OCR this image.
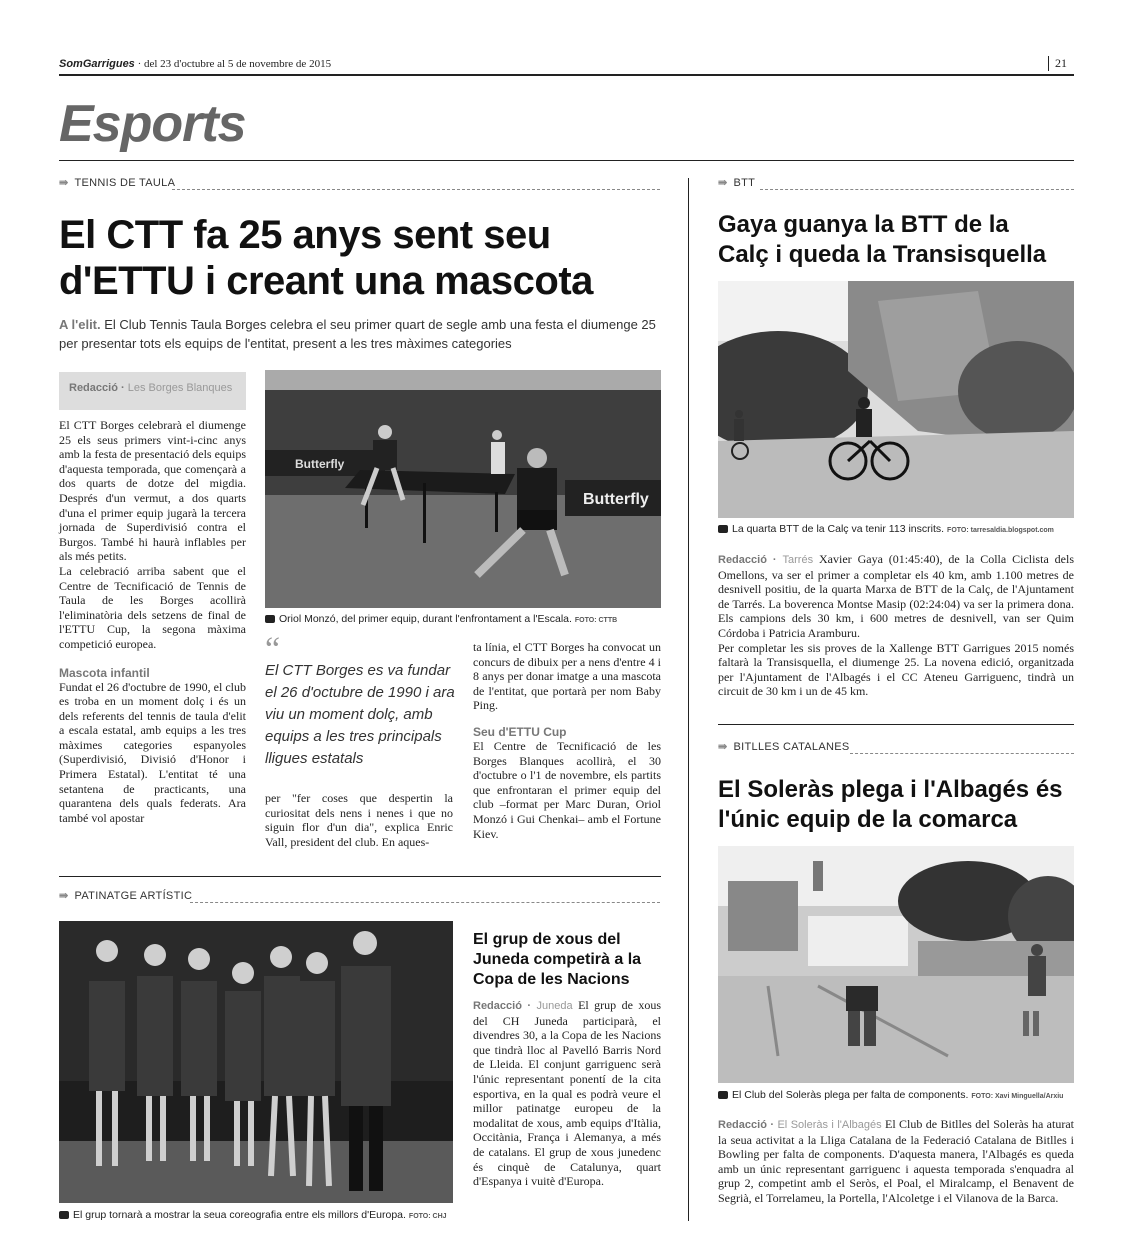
SomGarrigues · del 23 d'octubre al 5 de novembre de 2015	21
Esports
⇛ TENNIS DE TAULA
El CTT fa 25 anys sent seu
d'ETTU i creant una mascota
A l'elit. El Club Tennis Taula Borges celebra el seu primer quart de segle amb una festa el diumenge 25 per presentar tots els equips de l'entitat, present a les tres màximes categories
Redacció · Les Borges Blanques
El CTT Borges celebrarà el diumenge 25 els seus primers vint-i-cinc anys amb la festa de presentació dels equips d'aquesta temporada, que començarà a dos quarts de dotze del migdia. Després d'un vermut, a dos quarts d'una el primer equip jugarà la tercera jornada de Superdivisió contra el Burgos. També hi haurà inflables per als més petits.
La celebració arriba sabent que el Centre de Tecnificació de Tennis de Taula de les Borges acollirà l'eliminatòria dels setzens de final de l'ETTU Cup, la segona màxima competició europea.
Mascota infantil
Fundat el 26 d'octubre de 1990, el club es troba en un moment dolç i és un dels referents del tennis de taula d'elit a escala estatal, amb equips a les tres màximes categories espanyoles (Superdivisió, Divisió d'Honor i Primera Estatal). L'entitat té una setantena de practicants, una quarantena dels quals federats. Ara també vol apostar
Butterfly
Butterfly
Oriol Monzó, del primer equip, durant l'enfrontament a l'Escala. FOTO: CTTB
“
El CTT Borges es va fundar el 26 d'octubre de 1990 i ara viu un moment dolç, amb equips a les tres principals lligues estatals
per "fer coses que despertin la curiositat dels nens i nenes i que no siguin flor d'un dia", explica Enric Vall, president del club. En aques-
ta línia, el CTT Borges ha convocat un concurs de dibuix per a nens d'entre 4 i 8 anys per donar imatge a una mascota de l'entitat, que portarà per nom Baby Ping.
Seu d'ETTU Cup
El Centre de Tecnificació de les Borges Blanques acollirà, el 30 d'octubre o l'1 de novembre, els partits que enfrontaran el primer equip del club –format per Marc Duran, Oriol Monzó i Gui Chenkai– amb el Fortune Kiev.
⇛ BTT
Gaya guanya la BTT de la
Calç i queda la Transisquella
La quarta BTT de la Calç va tenir 113 inscrits. FOTO: tarresaldia.blogspot.com
Redacció · Tarrés Xavier Gaya (01:45:40), de la Colla Ciclista dels Omellons, va ser el primer a completar els 40 km, amb 1.100 metres de desnivell positiu, de la quarta Marxa de BTT de la Calç, de l'Ajuntament de Tarrés. La boverenca Montse Masip (02:24:04) va ser la primera dona. Els campions dels 30 km, i 600 metres de desnivell, van ser Quim Córdoba i Patricia Aramburu.
Per completar les sis proves de la Xallenge BTT Garrigues 2015 només faltarà la Transisquella, el diumenge 25. La novena edició, organitzada per l'Ajuntament de l'Albagés i el CC Ateneu Garriguenc, tindrà un circuit de 30 km i un de 45 km.
⇛ BITLLES CATALANES
El Soleràs plega i l'Albagés és
l'únic equip de la comarca
El Club del Soleràs plega per falta de components. FOTO: Xavi Minguella/Arxiu
Redacció · El Soleràs i l'Albagés El Club de Bitlles del Soleràs ha aturat la seua activitat a la Lliga Catalana de la Federació Catalana de Bitlles i Bowling per falta de components. D'aquesta manera, l'Albagés es queda amb un únic representant garriguenc i aquesta temporada s'enquadra al grup 2, competint amb el Seròs, el Poal, el Miralcamp, el Benavent de Segrià, el Torrelameu, la Portella, l'Alcoletge i el Vilanova de la Barca.
⇛ PATINATGE ARTÍSTIC
El grup tornarà a mostrar la seua coreografia entre els millors d'Europa. FOTO: CHJ
El grup de xous del Juneda competirà a la Copa de les Nacions
Redacció · Juneda El grup de xous del CH Juneda participarà, el divendres 30, a la Copa de les Nacions que tindrà lloc al Pavelló Barris Nord de Lleida. El conjunt garriguenc serà l'únic representant ponentí de la cita esportiva, en la qual es podrà veure el millor patinatge europeu de la modalitat de xous, amb equips d'Itàlia, Occitània, França i Alemanya, a més de catalans. El grup de xous junedenc és cinquè de Catalunya, quart d'Espanya i vuitè d'Europa.
